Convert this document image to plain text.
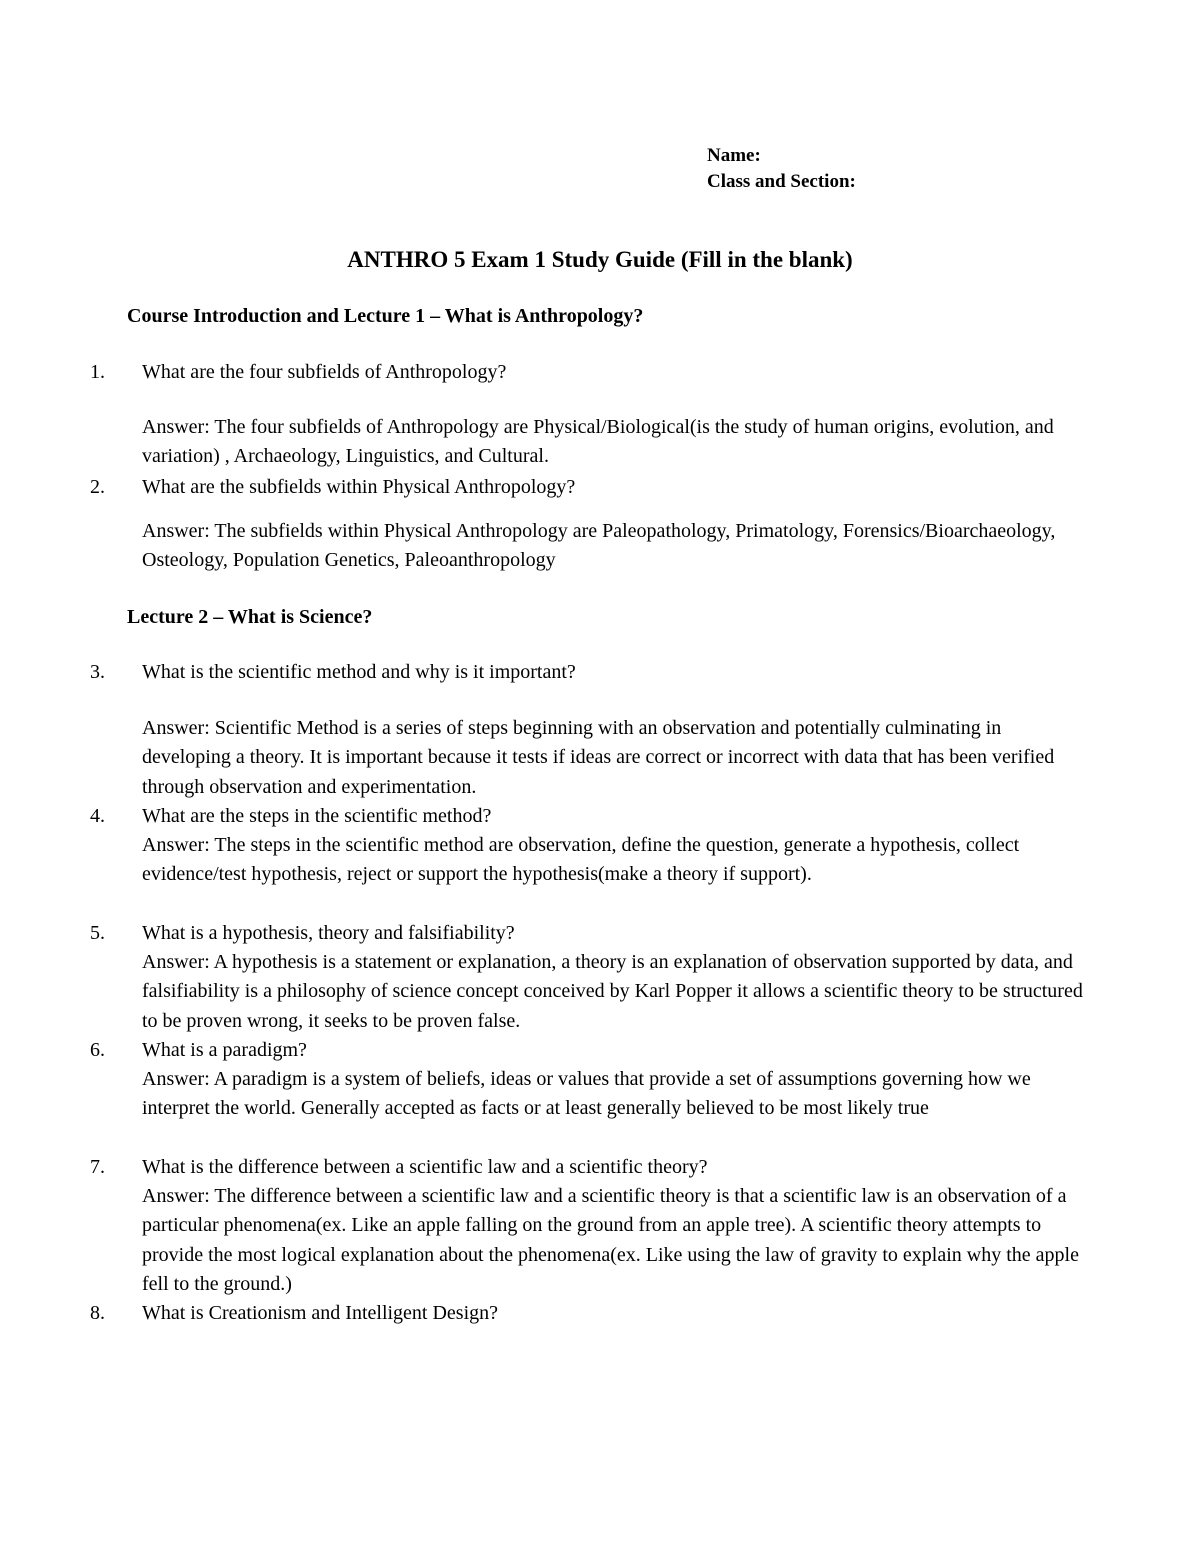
Name:
Class and Section:
ANTHRO 5 Exam 1 Study Guide (Fill in the blank)
Course Introduction and Lecture 1 – What is Anthropology?
1. What are the four subfields of Anthropology?
Answer: The four subfields of Anthropology are Physical/Biological(is the study of human origins, evolution, and variation) , Archaeology, Linguistics, and Cultural.
2. What are the subfields within Physical Anthropology?
Answer: The subfields within Physical Anthropology are Paleopathology, Primatology, Forensics/Bioarchaeology, Osteology, Population Genetics, Paleoanthropology
Lecture 2 – What is Science?
3. What is the scientific method and why is it important?
Answer: Scientific Method is a series of steps beginning with an observation and potentially culminating in developing a theory. It is important because it tests if ideas are correct or incorrect with data that has been verified through observation and experimentation.
4. What are the steps in the scientific method?
Answer: The steps in the scientific method are observation, define the question, generate a hypothesis, collect evidence/test hypothesis, reject or support the hypothesis(make a theory if support).
5. What is a hypothesis, theory and falsifiability?
Answer: A hypothesis is a statement or explanation, a theory is an explanation of observation supported by data, and falsifiability is a philosophy of science concept conceived by Karl Popper it allows a scientific theory to be structured to be proven wrong, it seeks to be proven false.
6. What is a paradigm?
Answer: A paradigm is a system of beliefs, ideas or values that provide a set of assumptions governing how we interpret the world. Generally accepted as facts or at least generally believed to be most likely true
7. What is the difference between a scientific law and a scientific theory?
Answer: The difference between a scientific law and a scientific theory is that a scientific law is an observation of a particular phenomena(ex. Like an apple falling on the ground from an apple tree). A scientific theory attempts to provide the most logical explanation about the phenomena(ex. Like using the law of gravity to explain why the apple fell to the ground.)
8. What is Creationism and Intelligent Design?
